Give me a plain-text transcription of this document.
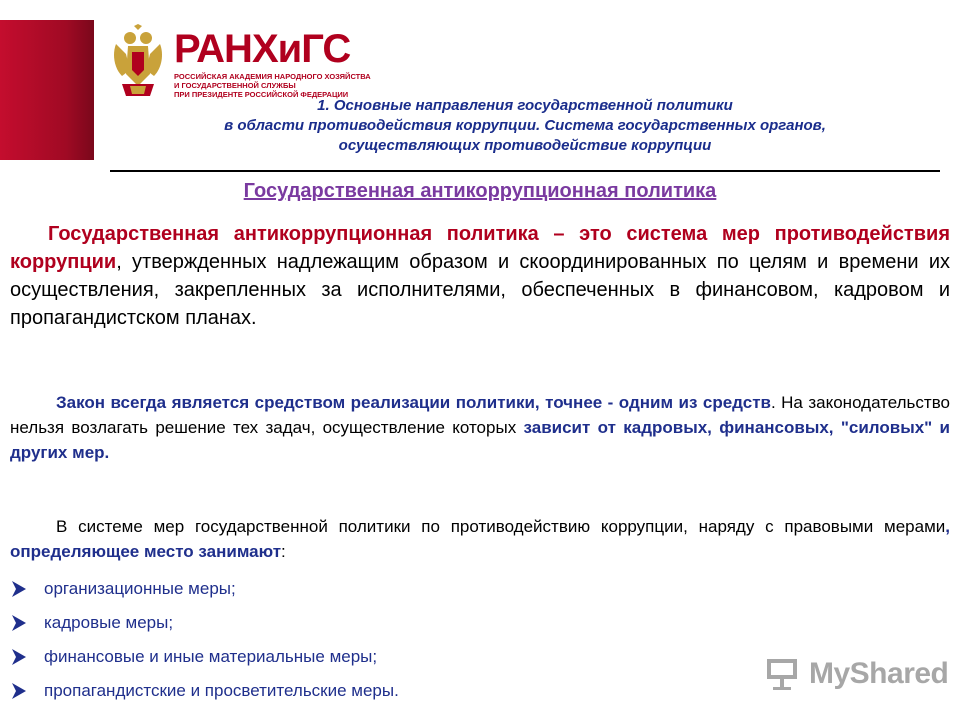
РАНХиГС
РОССИЙСКАЯ АКАДЕМИЯ НАРОДНОГО ХОЗЯЙСТВА
И ГОСУДАРСТВЕННОЙ СЛУЖБЫ
ПРИ ПРЕЗИДЕНТЕ РОССИЙСКОЙ ФЕДЕРАЦИИ
1. Основные направления государственной политики
в области противодействия коррупции. Система государственных органов,
осуществляющих противодействие коррупции
Государственная антикоррупционная политика
Государственная антикоррупционная политика – это система мер противодействия коррупции, утвержденных надлежащим образом и скоординированных по целям и времени их осуществления, закрепленных за исполнителями, обеспеченных в финансовом, кадровом и пропагандистском планах.
Закон всегда является средством реализации политики, точнее - одним из средств. На законодательство нельзя возлагать решение тех задач, осуществление которых зависит от кадровых, финансовых, "силовых" и других мер.
В системе мер государственной политики по противодействию коррупции, наряду с правовыми мерами, определяющее место занимают:
организационные меры;
кадровые меры;
финансовые и иные материальные меры;
пропагандистские и просветительские меры.
MyShared
